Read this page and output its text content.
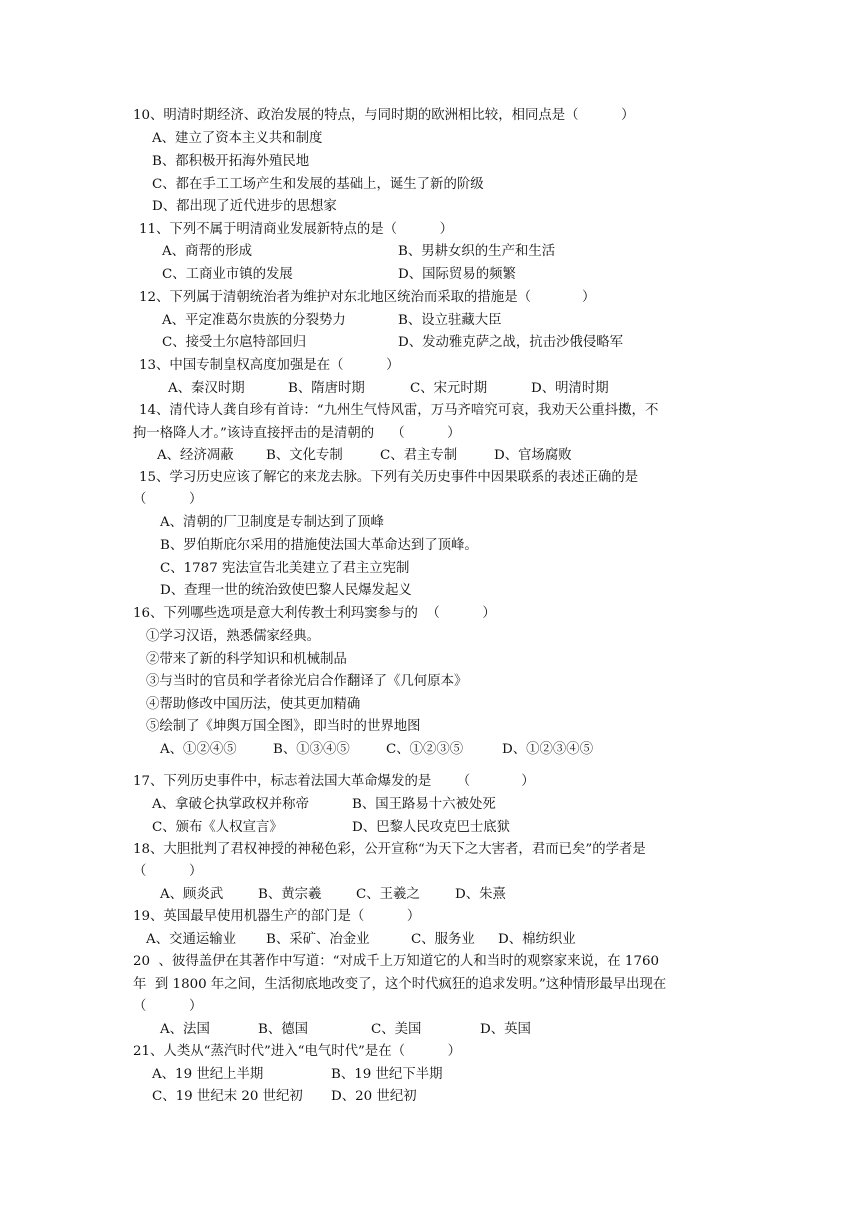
10、明清时期经济、政治发展的特点，与同时期的欧洲相比较，相同点是（          ）
A、建立了资本主义共和制度
B、都积极开拓海外殖民地
C、都在手工工场产生和发展的基础上，诞生了新的阶级
D、都出现了近代进步的思想家
11、下列不属于明清商业发展新特点的是（          ）
A、商帮的形成	B、男耕女织的生产和生活
C、工商业市镇的发展	D、国际贸易的频繁
12、下列属于清朝统治者为维护对东北地区统治而采取的措施是（            ）
A、平定准葛尔贵族的分裂势力	B、设立驻藏大臣
C、接受土尔扈特部回归	D、发动雅克萨之战，抗击沙俄侵略军
13、中国专制皇权高度加强是在（          ）
A、秦汉时期	B、隋唐时期	C、宋元时期	D、明清时期
14、清代诗人龚自珍有首诗：“九州生气恃风雷，万马齐喑究可哀，我劝天公重抖擞，不
拘一格降人才。”该诗直接抨击的是清朝的    （          ）
A、经济凋蔽 B、文化专制	C、君主专制	D、官场腐败
15、学习历史应该了解它的来龙去脉。下列有关历史事件中因果联系的表述正确的是
（          ）
A、清朝的厂卫制度是专制达到了顶峰
B、罗伯斯庇尔采用的措施使法国大革命达到了顶峰。
C、1787 宪法宣告北美建立了君主立宪制
D、查理一世的统治致使巴黎人民爆发起义
16、下列哪些选项是意大利传教士利玛窦参与的  （          ）
①学习汉语，熟悉儒家经典。
②带来了新的科学知识和机械制品
③与当时的官员和学者徐光启合作翻译了《几何原本》
④帮助修改中国历法，使其更加精确
⑤绘制了《坤舆万国全图》，即当时的世界地图
A、①②④⑤	B、①③④⑤	C、①②③⑤	D、①②③④⑤
17、下列历史事件中，标志着法国大革命爆发的是      （            ）
A、拿破仑执掌政权并称帝	B、国王路易十六被处死
C、颁布《人权宣言》	D、巴黎人民攻克巴士底狱
18、大胆批判了君权神授的神秘色彩，公开宣称“为天下之大害者，君而已矣”的学者是
（          ）
A、顾炎武	B、黄宗羲	C、王羲之	D、朱熹
19、英国最早使用机器生产的部门是（          ）
A、交通运输业 B、采矿、冶金业	C、服务业 D、棉纺织业
20  、彼得盖伊在其著作中写道：“对成千上万知道它的人和当时的观察家来说，在 1760
年  到 1800 年之间，生活彻底地改变了，这个时代疯狂的追求发明。”这种情形最早出现在
（          ）
A、法国	B、德国	C、美国	D、英国
21、人类从“蒸汽时代”进入“电气时代”是在（          ）
A、19 世纪上半期	B、19 世纪下半期
C、19 世纪末 20 世纪初 D、20 世纪初
